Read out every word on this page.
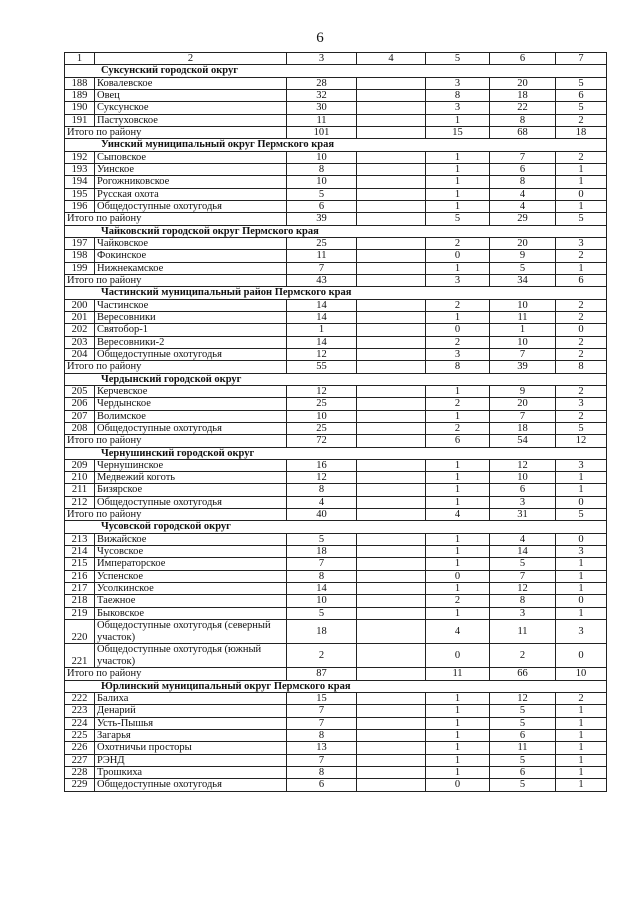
6
1	2	3	4	5	6	7
Суксунский городской округ						
188	Ковалевское	28		3	20	5
189	Овец	32		8	18	6
190	Суксунское	30		3	22	5
191	Пастуховское	11		1	8	2
Итого по району		101		15	68	18
Уинский муниципальный округ Пермского края						
192	Сыповское	10		1	7	2
193	Уинское	8		1	6	1
194	Рогожниковское	10		1	8	1
195	Русская охота	5		1	4	0
196	Общедоступные охотугодья	6		1	4	1
Итого по району		39		5	29	5
Чайковский городской округ Пермского края						
197	Чайковское	25		2	20	3
198	Фокинское	11		0	9	2
199	Нижнекамское	7		1	5	1
Итого по району		43		3	34	6
Частинский муниципальный район Пермского края						
200	Частинское	14		2	10	2
201	Вересовники	14		1	11	2
202	Святобор-1	1		0	1	0
203	Вересовники-2	14		2	10	2
204	Общедоступные охотугодья	12		3	7	2
Итого по району		55		8	39	8
Чердынский городской округ						
205	Керчевское	12		1	9	2
206	Чердынское	25		2	20	3
207	Волимское	10		1	7	2
208	Общедоступные охотугодья	25		2	18	5
Итого по району		72		6	54	12
Чернушинский городской округ						
209	Чернушинское	16		1	12	3
210	Медвежий коготь	12		1	10	1
211	Бизярское	8		1	6	1
212	Общедоступные охотугодья	4		1	3	0
Итого по району		40		4	31	5
Чусовской городской округ						
213	Вижайское	5		1	4	0
214	Чусовское	18		1	14	3
215	Императорское	7		1	5	1
216	Успенское	8		0	7	1
217	Усолкинское	14		1	12	1
218	Таежное	10		2	8	0
219	Быковское	5		1	3	1
220	Общедоступные охотугодья (северный участок)	18		4	11	3
221	Общедоступные охотугодья (южный участок)	2		0	2	0
Итого по району		87		11	66	10
Юрлинский муниципальный округ Пермского края						
222	Балиха	15		1	12	2
223	Денарий	7		1	5	1
224	Усть-Пышья	7		1	5	1
225	Загарья	8		1	6	1
226	Охотничьи просторы	13		1	11	1
227	РЭНД	7		1	5	1
228	Трошкиха	8		1	6	1
229	Общедоступные охотугодья	6		0	5	1
